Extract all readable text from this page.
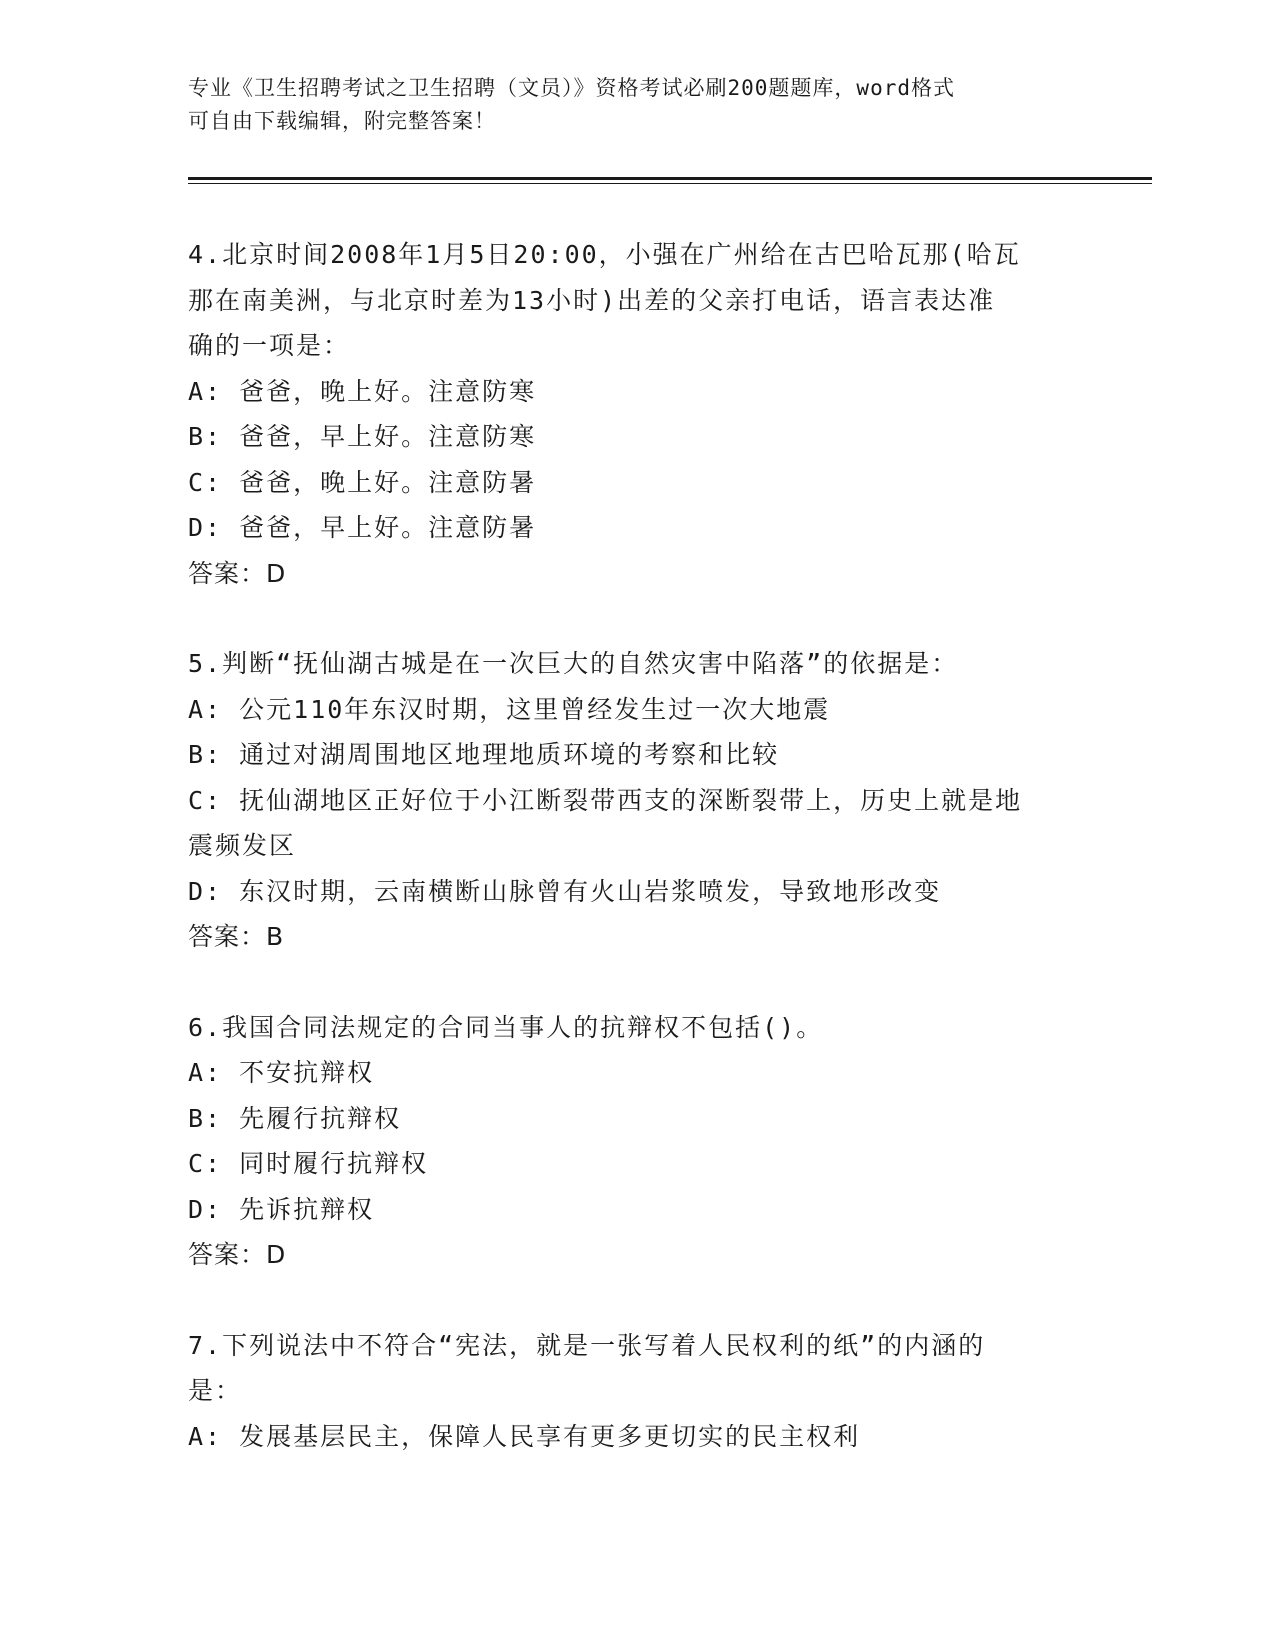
专业《卫生招聘考试之卫生招聘（文员）》资格考试必刷200题题库，word格式
可自由下载编辑，附完整答案！

4.北京时间2008年1月5日20:00，小强在广州给在古巴哈瓦那(哈瓦

那在南美洲，与北京时差为13小时)出差的父亲打电话，语言表达准

确的一项是：

A: 爸爸，晚上好。注意防寒

B: 爸爸，早上好。注意防寒

C: 爸爸，晚上好。注意防暑

D: 爸爸，早上好。注意防暑

答案：D

5.判断“抚仙湖古城是在一次巨大的自然灾害中陷落”的依据是：

A: 公元110年东汉时期，这里曾经发生过一次大地震

B: 通过对湖周围地区地理地质环境的考察和比较

C: 抚仙湖地区正好位于小江断裂带西支的深断裂带上，历史上就是地

震频发区

D: 东汉时期，云南横断山脉曾有火山岩浆喷发，导致地形改变

答案：B

6.我国合同法规定的合同当事人的抗辩权不包括()。

A: 不安抗辩权

B: 先履行抗辩权

C: 同时履行抗辩权

D: 先诉抗辩权

答案：D

7.下列说法中不符合“宪法，就是一张写着人民权利的纸”的内涵的

是：

A: 发展基层民主，保障人民享有更多更切实的民主权利
